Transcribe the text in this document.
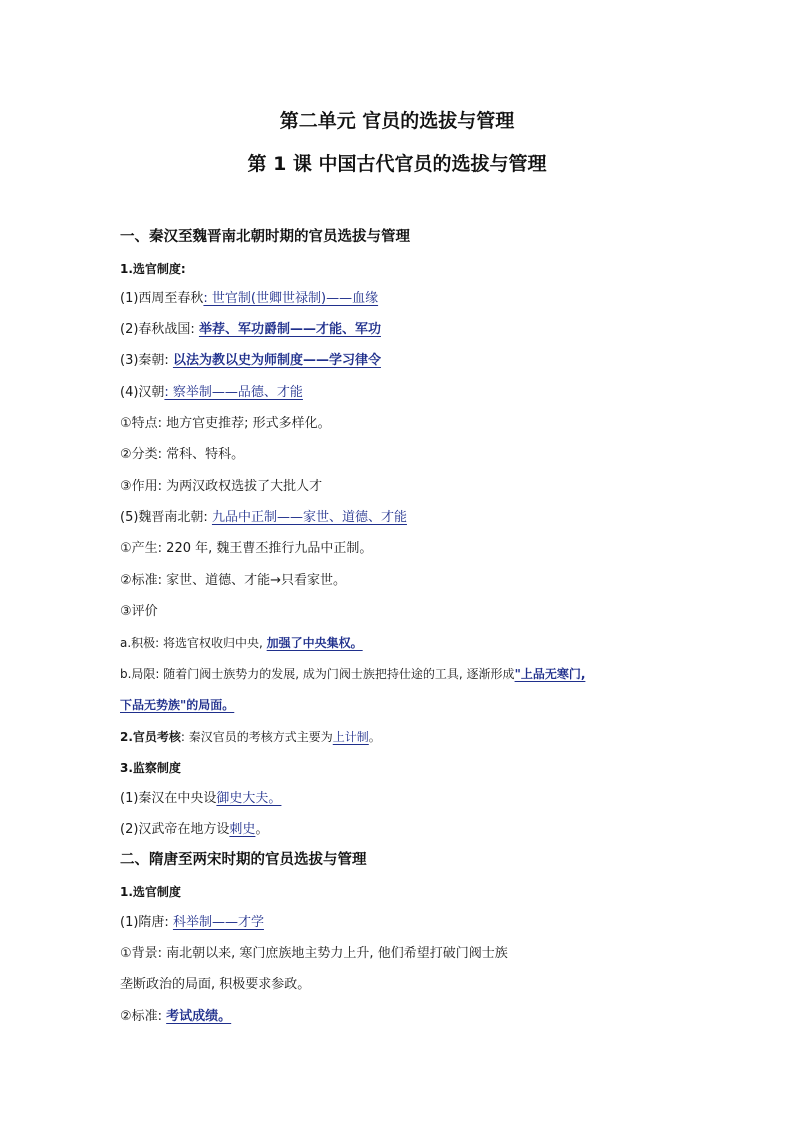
第二单元 官员的选拔与管理
第 1 课 中国古代官员的选拔与管理
一、秦汉至魏晋南北朝时期的官员选拔与管理
1.选官制度:
(1)西周至春秋: 世官制(世卿世禄制)——血缘
(2)春秋战国: 举荐、军功爵制——才能、军功
(3)秦朝: 以法为教以史为师制度——学习律令
(4)汉朝: 察举制——品德、才能
①特点: 地方官吏推荐; 形式多样化。
②分类: 常科、特科。
③作用: 为两汉政权选拔了大批人才
(5)魏晋南北朝: 九品中正制——家世、道德、才能
①产生: 220 年, 魏王曹丕推行九品中正制。
②标准: 家世、道德、才能→只看家世。
③评价
a.积极: 将选官权收归中央, 加强了中央集权。
b.局限: 随着门阀士族势力的发展, 成为门阀士族把持仕途的工具, 逐渐形成"上品无寒门,
下品无势族"的局面。
2.官员考核: 秦汉官员的考核方式主要为上计制。
3.监察制度
(1)秦汉在中央设御史大夫。
(2)汉武帝在地方设刺史。
二、隋唐至两宋时期的官员选拔与管理
1.选官制度
(1)隋唐: 科举制——才学
①背景: 南北朝以来, 寒门庶族地主势力上升, 他们希望打破门阀士族
垄断政治的局面, 积极要求参政。
②标准: 考试成绩。
